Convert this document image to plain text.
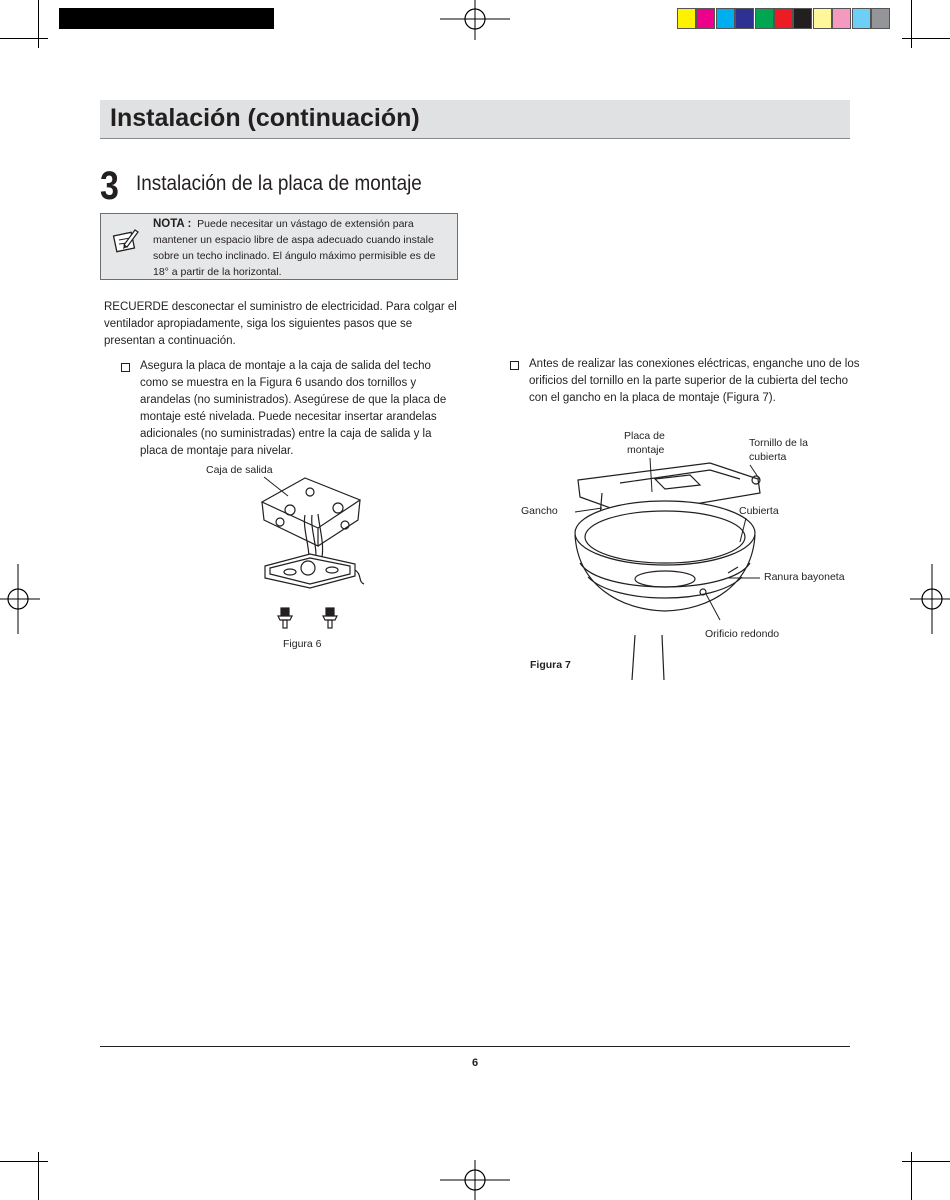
Instalación (continuación)
3 Instalación de la placa de montaje
NOTA : Puede necesitar un vástago de extensión para mantener un espacio libre de aspa adecuado cuando instale sobre un techo inclinado. El ángulo máximo permisible es de 18° a partir de la horizontal.
RECUERDE desconectar el suministro de electricidad. Para colgar el ventilador apropiadamente, siga los siguientes pasos que se presentan a continuación.
Asegura la placa de montaje a la caja de salida del techo como se muestra en la Figura 6 usando dos tornillos y arandelas (no suministrados). Asegúrese de que la placa de montaje esté nivelada. Puede necesitar insertar arandelas adicionales (no suministradas) entre la caja de salida y la placa de montaje para nivelar.
Antes de realizar las conexiones eléctricas, enganche uno de los orificios del tornillo en la parte superior de la cubierta del techo con el gancho en la placa de montaje (Figura 7).
Caja de salida
Figura 6
Placa de
montaje
Tornillo de la
cubierta
Gancho	Cubierta
Ranura bayoneta
Orificio redondo
Figura 7
6
